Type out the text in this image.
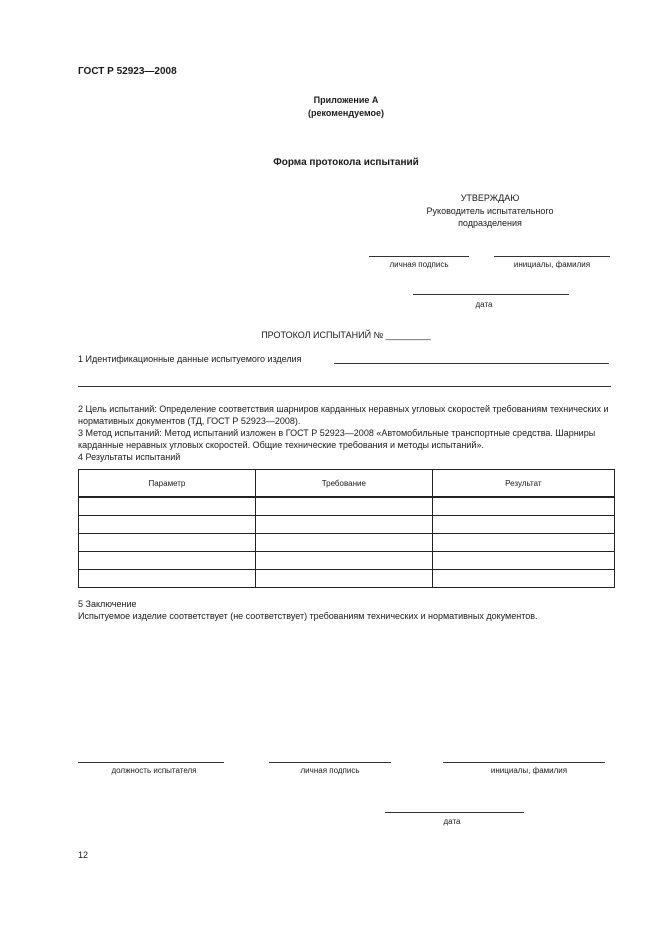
ГОСТ Р 52923—2008
Приложение А
(рекомендуемое)
Форма протокола испытаний
УТВЕРЖДАЮ
Руководитель испытательного
подразделения
личная подпись	инициалы, фамилия
дата
ПРОТОКОЛ ИСПЫТАНИЙ № _________
1 Идентификационные данные испытуемого изделия
2 Цель испытаний: Определение соответствия шарниров карданных неравных угловых скоростей требованиям технических и нормативных документов (ТД, ГОСТ Р 52923—2008).
3 Метод испытаний: Метод испытаний изложен в ГОСТ Р 52923—2008 «Автомобильные транспортные средства. Шарниры карданные неравных угловых скоростей. Общие технические требования и методы испытаний».
4 Результаты испытаний
Параметр	Требование	Результат

5 Заключение
Испытуемое изделие соответствует (не соответствует) требованиям технических и нормативных документов.
должность испытателя	личная подпись	инициалы, фамилия
дата
12
